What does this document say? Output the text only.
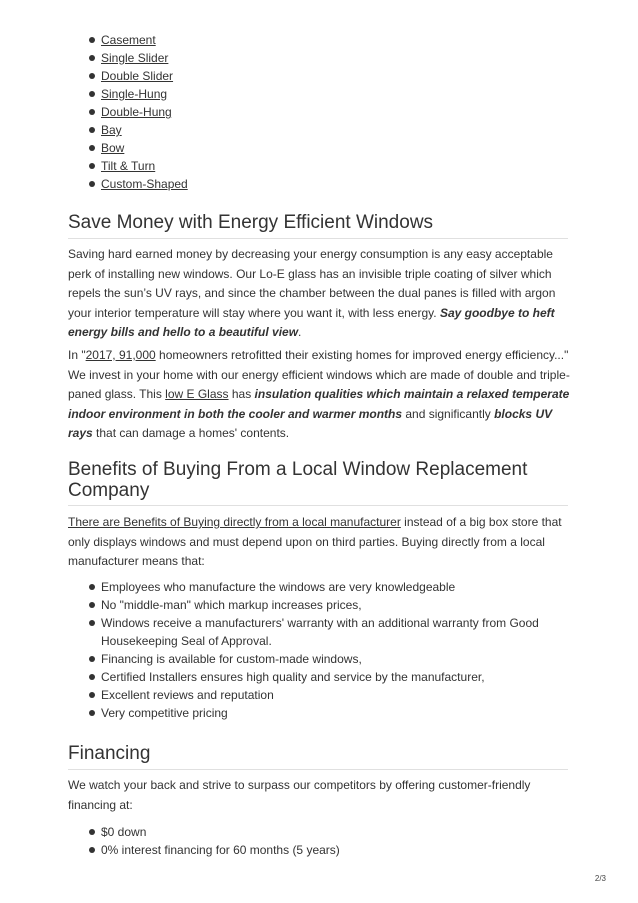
Casement
Single Slider
Double Slider
Single-Hung
Double-Hung
Bay
Bow
Tilt & Turn
Custom-Shaped
Save Money with Energy Efficient Windows

Saving hard earned money by decreasing your energy consumption is any easy acceptable perk of installing new windows. Our Lo-E glass has an invisible triple coating of silver which repels the sun’s UV rays, and since the chamber between the dual panes is filled with argon your interior temperature will stay where you want it, with less energy. Say goodbye to heft energy bills and hello to a beautiful view.

In "2017, 91,000 homeowners retrofitted their existing homes for improved energy efficiency..." We invest in your home with our energy efficient windows which are made of double and triple-paned glass. This low E Glass has insulation qualities which maintain a relaxed temperate indoor environment in both the cooler and warmer months and significantly blocks UV rays that can damage a homes' contents.

Benefits of Buying From a Local Window Replacement Company

There are Benefits of Buying directly from a local manufacturer instead of a big box store that only displays windows and must depend upon on third parties. Buying directly from a local manufacturer means that:

Employees who manufacture the windows are very knowledgeable
No "middle-man" which markup increases prices,
Windows receive a manufacturers' warranty with an additional warranty from Good Housekeeping Seal of Approval.
Financing is available for custom-made windows,
Certified Installers ensures high quality and service by the manufacturer,
Excellent reviews and reputation
Very competitive pricing
Financing

We watch your back and strive to surpass our competitors by offering customer-friendly financing at:

$0 down
0% interest financing for 60 months (5 years)
2/3
